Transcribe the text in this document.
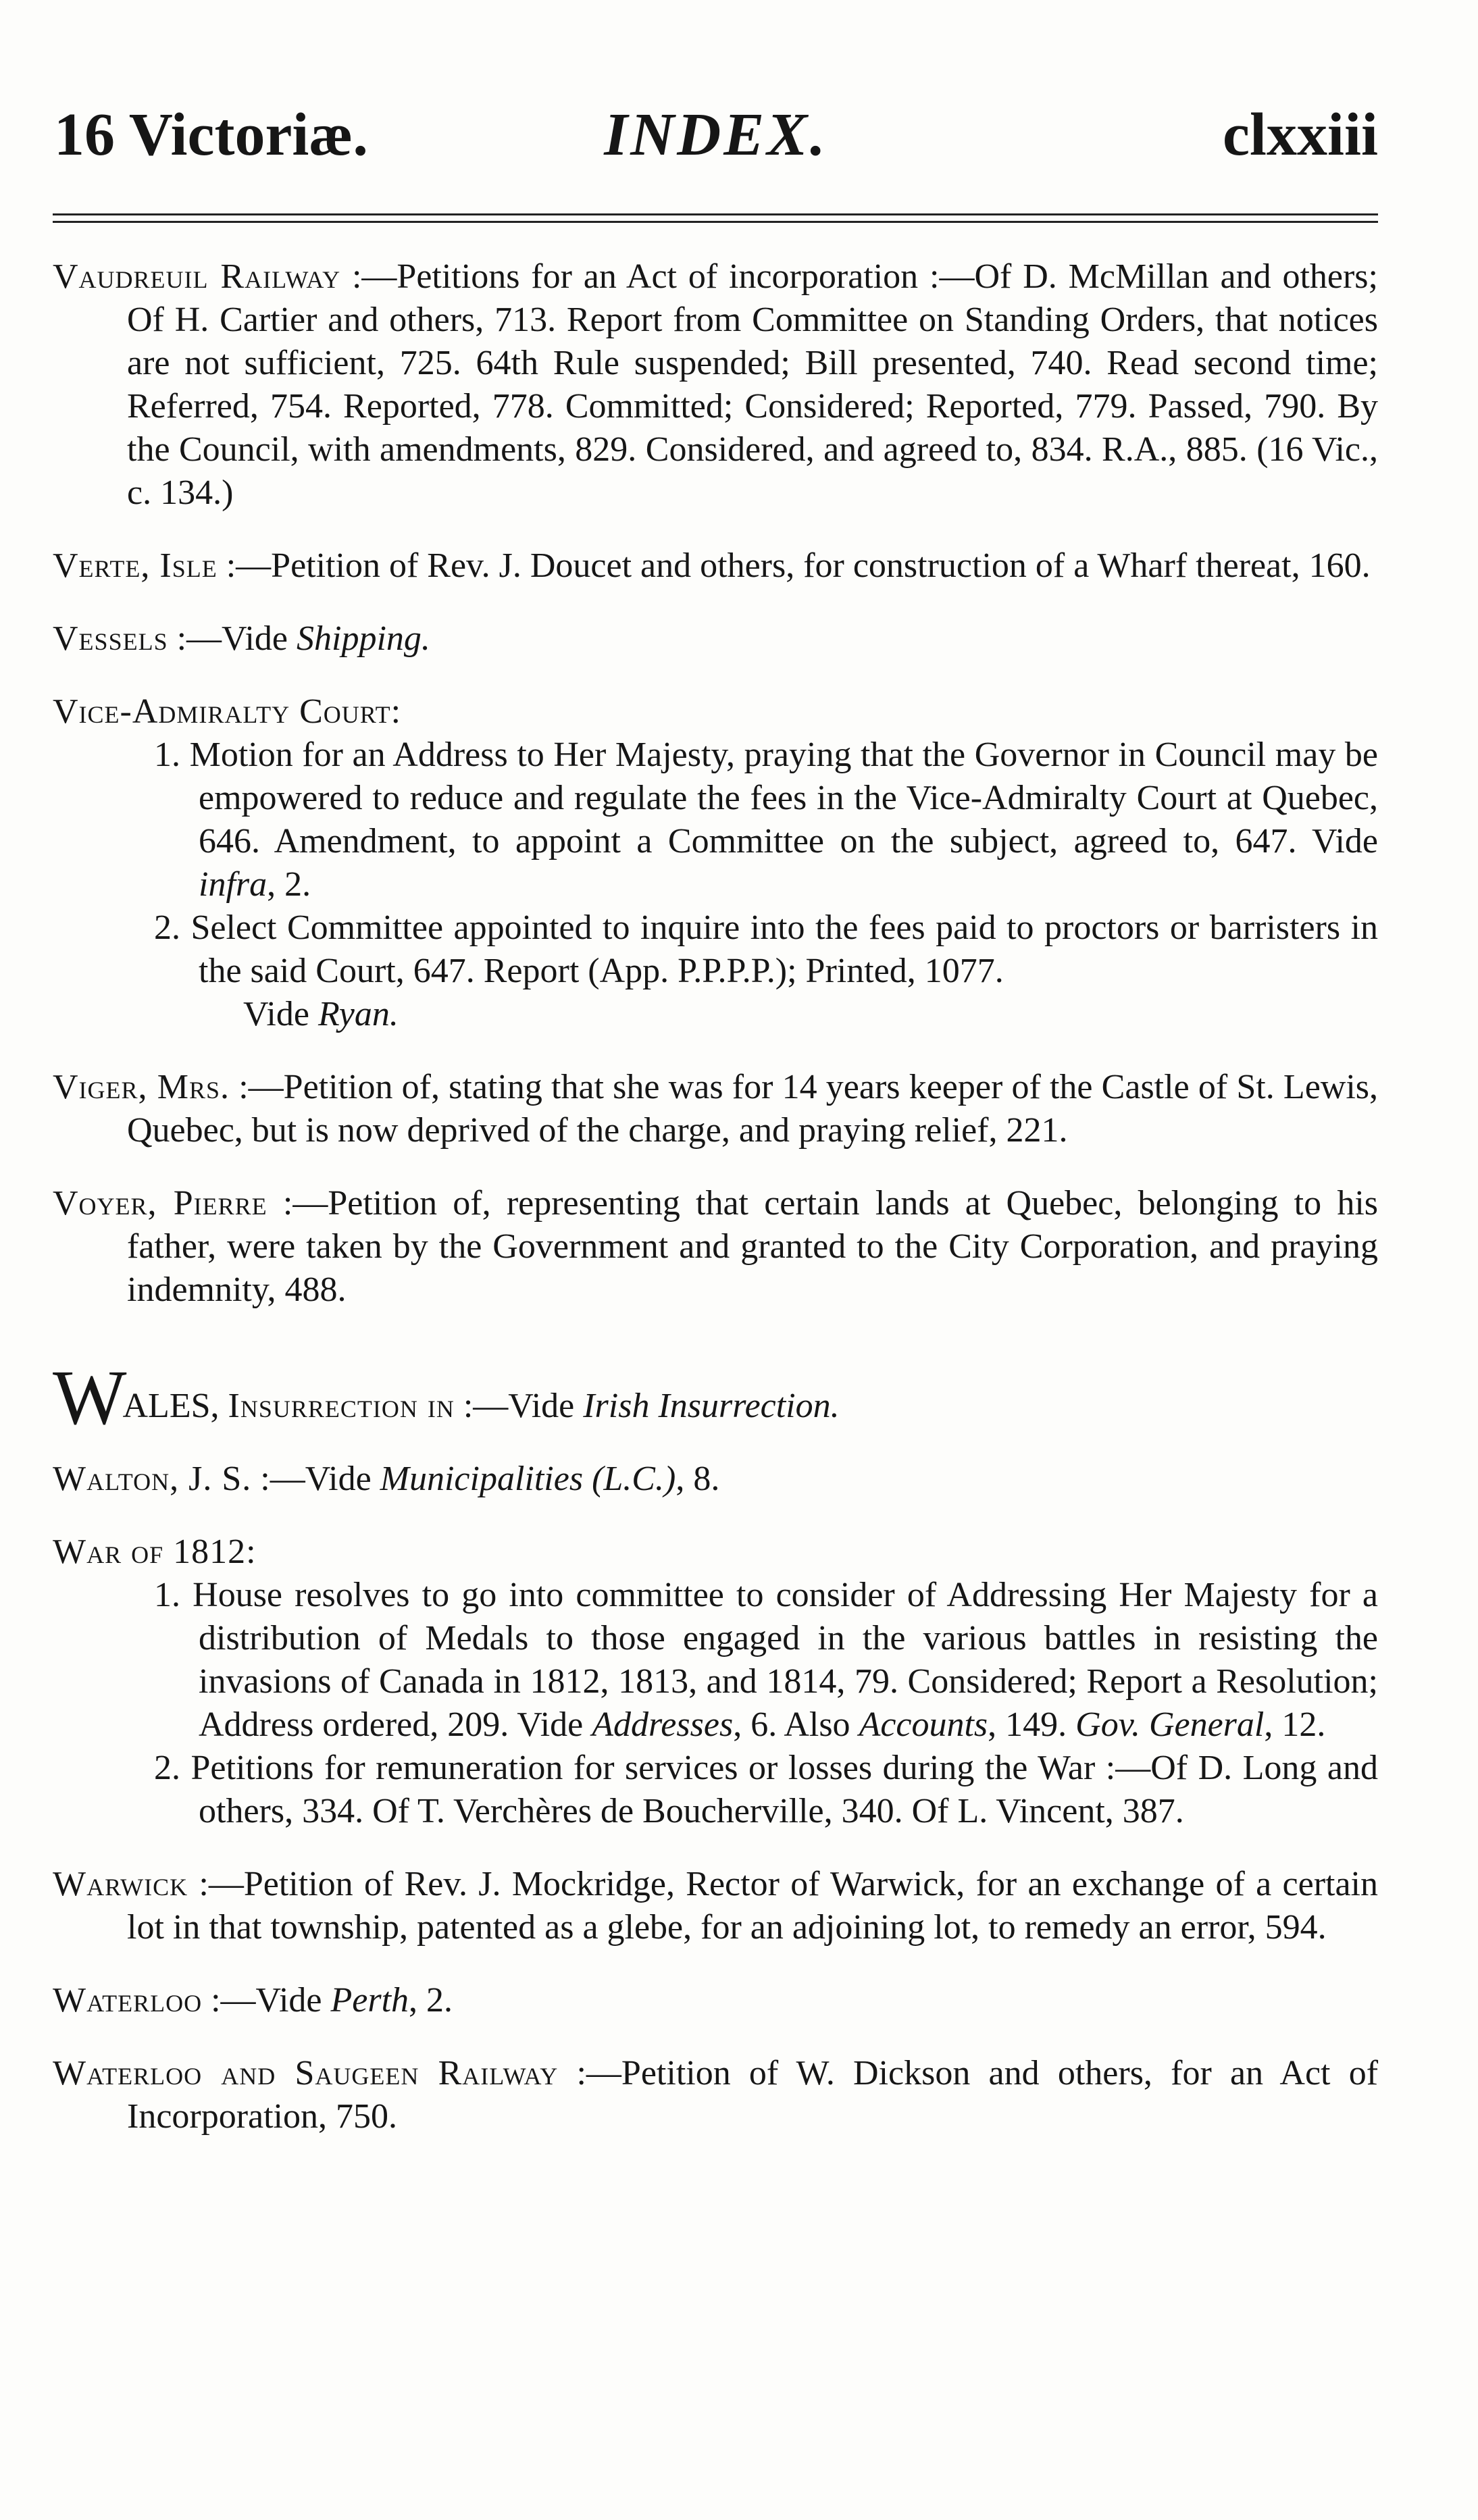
16 Victoriæ.	INDEX.	clxxiii

Vaudreuil Railway :—Petitions for an Act of incorporation :—Of D. McMillan and others; Of H. Cartier and others, 713. Report from Committee on Standing Orders, that notices are not sufficient, 725. 64th Rule suspended; Bill presented, 740. Read second time; Referred, 754. Reported, 778. Committed; Considered; Reported, 779. Passed, 790. By the Council, with amendments, 829. Considered, and agreed to, 834. R.A., 885. (16 Vic., c. 134.)

Verte, Isle :—Petition of Rev. J. Doucet and others, for construction of a Wharf thereat, 160.

Vessels :—Vide Shipping.

Vice-Admiralty Court:

1. Motion for an Address to Her Majesty, praying that the Governor in Council may be empowered to reduce and regulate the fees in the Vice-Admiralty Court at Quebec, 646. Amendment, to appoint a Committee on the subject, agreed to, 647. Vide infra, 2.

2. Select Committee appointed to inquire into the fees paid to proctors or barristers in the said Court, 647. Report (App. P.P.P.P.); Printed, 1077.

Vide Ryan.

Viger, Mrs. :—Petition of, stating that she was for 14 years keeper of the Castle of St. Lewis, Quebec, but is now deprived of the charge, and praying relief, 221.

Voyer, Pierre :—Petition of, representing that certain lands at Quebec, belonging to his father, were taken by the Government and granted to the City Corporation, and praying indemnity, 488.

WALES, Insurrection in :—Vide Irish Insurrection.

Walton, J. S. :—Vide Municipalities (L.C.), 8.

War of 1812:

1. House resolves to go into committee to consider of Addressing Her Majesty for a distribution of Medals to those engaged in the various battles in resisting the invasions of Canada in 1812, 1813, and 1814, 79. Considered; Report a Resolution; Address ordered, 209. Vide Addresses, 6. Also Accounts, 149. Gov. General, 12.

2. Petitions for remuneration for services or losses during the War :—Of D. Long and others, 334. Of T. Verchères de Boucherville, 340. Of L. Vincent, 387.

Warwick :—Petition of Rev. J. Mockridge, Rector of Warwick, for an exchange of a certain lot in that township, patented as a glebe, for an adjoining lot, to remedy an error, 594.

Waterloo :—Vide Perth, 2.

Waterloo and Saugeen Railway :—Petition of W. Dickson and others, for an Act of Incorporation, 750.
